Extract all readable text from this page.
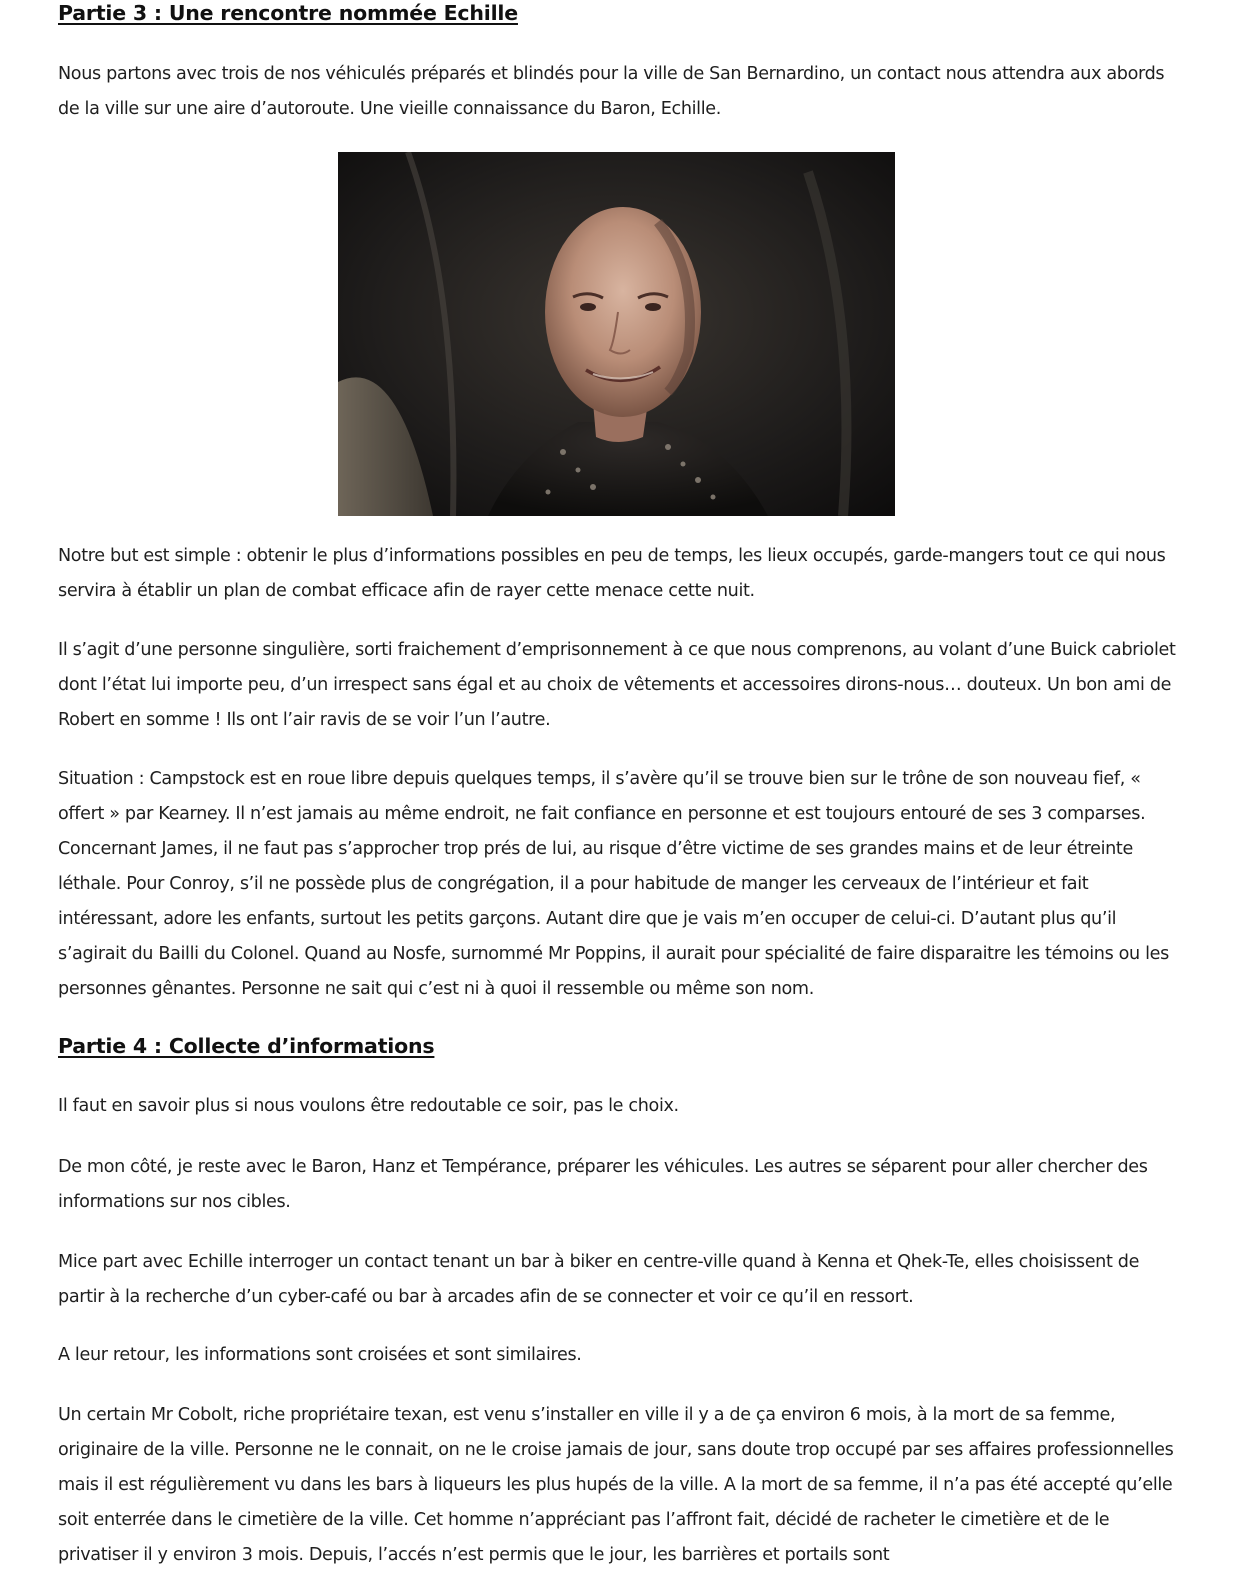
Partie 3 : Une rencontre nommée Echille

Nous partons avec trois de nos véhiculés préparés et blindés pour la ville de San Bernardino, un contact nous attendra aux abords de la ville sur une aire d’autoroute. Une vieille connaissance du Baron, Echille.

Notre but est simple : obtenir le plus d’informations possibles en peu de temps, les lieux occupés, garde-mangers tout ce qui nous servira à établir un plan de combat efficace afin de rayer cette menace cette nuit.

Il s’agit d’une personne singulière, sorti fraichement d’emprisonnement à ce que nous comprenons, au volant d’une Buick cabriolet dont l’état lui importe peu, d’un irrespect sans égal et au choix de vêtements et accessoires dirons-nous… douteux. Un bon ami de Robert en somme ! Ils ont l’air ravis de se voir l’un l’autre.

Situation : Campstock est en roue libre depuis quelques temps, il s’avère qu’il se trouve bien sur le trône de son nouveau fief, « offert » par Kearney. Il n’est jamais au même endroit, ne fait confiance en personne et est toujours entouré de ses 3 comparses. Concernant James, il ne faut pas s’approcher trop prés de lui, au risque d’être victime de ses grandes mains et de leur étreinte léthale. Pour Conroy, s’il ne possède plus de congrégation, il a pour habitude de manger les cerveaux de l’intérieur et fait intéressant, adore les enfants, surtout les petits garçons. Autant dire que je vais m’en occuper de celui-ci. D’autant plus qu’il s’agirait du Bailli du Colonel. Quand au Nosfe, surnommé Mr Poppins, il aurait pour spécialité de faire disparaitre les témoins ou les personnes gênantes. Personne ne sait qui c’est ni à quoi il ressemble ou même son nom.

Partie 4 : Collecte d’informations

Il faut en savoir plus si nous voulons être redoutable ce soir, pas le choix.

De mon côté, je reste avec le Baron, Hanz et Tempérance, préparer les véhicules. Les autres se séparent pour aller chercher des informations sur nos cibles.

Mice part avec Echille interroger un contact tenant un bar à biker en centre-ville quand à Kenna et Qhek-Te, elles choisissent de partir à la recherche d’un cyber-café ou bar à arcades afin de se connecter et voir ce qu’il en ressort.

A leur retour, les informations sont croisées et sont similaires.

Un certain Mr Cobolt, riche propriétaire texan, est venu s’installer en ville il y a de ça environ 6 mois, à la mort de sa femme, originaire de la ville. Personne ne le connait, on ne le croise jamais de jour, sans doute trop occupé par ses affaires professionnelles mais il est régulièrement vu dans les bars à liqueurs les plus hupés de la ville. A la mort de sa femme, il n’a pas été accepté qu’elle soit enterrée dans le cimetière de la ville. Cet homme n’appréciant pas l’affront fait, décidé de racheter le cimetière et de le privatiser il y environ 3 mois. Depuis, l’accés n’est permis que le jour, les barrières et portails sont
